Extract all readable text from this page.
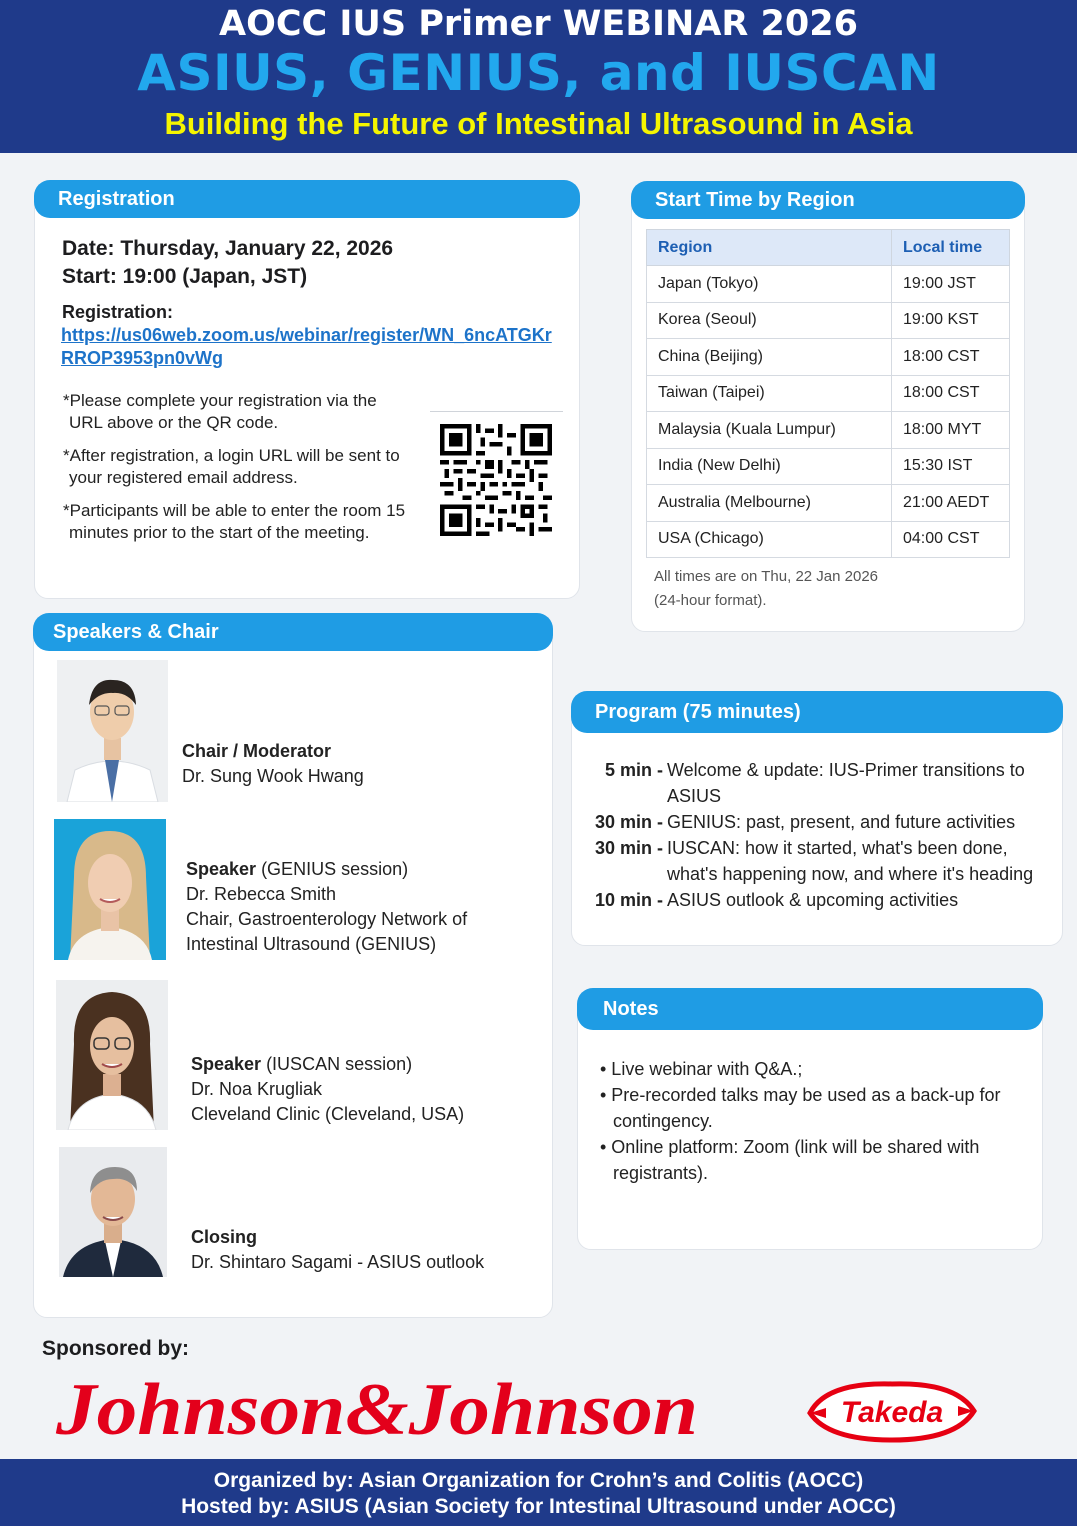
AOCC IUS Primer WEBINAR 2026
ASIUS, GENIUS, and IUSCAN
Building the Future of Intestinal Ultrasound in Asia
Registration
Date: Thursday, January 22, 2026
Start: 19:00 (Japan, JST)
Registration:
https://us06web.zoom.us/webinar/register/WN_6ncATGKrRROP3953pn0vWg

*Please complete your registration via the URL above or the QR code.

*After registration, a login URL will be sent to your registered email address.

*Participants will be able to enter the room 15 minutes prior to the start of the meeting.

Start Time by Region
Region	Local time
Japan (Tokyo)	19:00 JST
Korea (Seoul)	19:00 KST
China (Beijing)	18:00 CST
Taiwan (Taipei)	18:00 CST
Malaysia (Kuala Lumpur)	18:00 MYT
India (New Delhi)	15:30 IST
Australia (Melbourne)	21:00 AEDT
USA (Chicago)	04:00 CST
All times are on Thu, 22 Jan 2026
(24-hour format).
Speakers & Chair
Chair / Moderator
Dr. Sung Wook Hwang
Speaker (GENIUS session)
Dr. Rebecca Smith
Chair, Gastroenterology Network of Intestinal Ultrasound (GENIUS)
Speaker (IUSCAN session)
Dr. Noa Krugliak
Cleveland Clinic (Cleveland, USA)
Closing
Dr. Shintaro Sagami - ASIUS outlook
Program (75 minutes)
5 min - Welcome & update: IUS-Primer transitions to ASIUS
30 min - GENIUS: past, present, and future activities
30 min - IUSCAN: how it started, what's been done, what's happening now, and where it's heading
10 min - ASIUS outlook & upcoming activities
Notes
• Live webinar with Q&A.;
• Pre-recorded talks may be used as a back-up for contingency.
• Online platform: Zoom (link will be shared with registrants).
Sponsored by:
Johnson&Johnson	Takeda
Organized by: Asian Organization for Crohn’s and Colitis (AOCC)
Hosted by: ASIUS (Asian Society for Intestinal Ultrasound under AOCC)
